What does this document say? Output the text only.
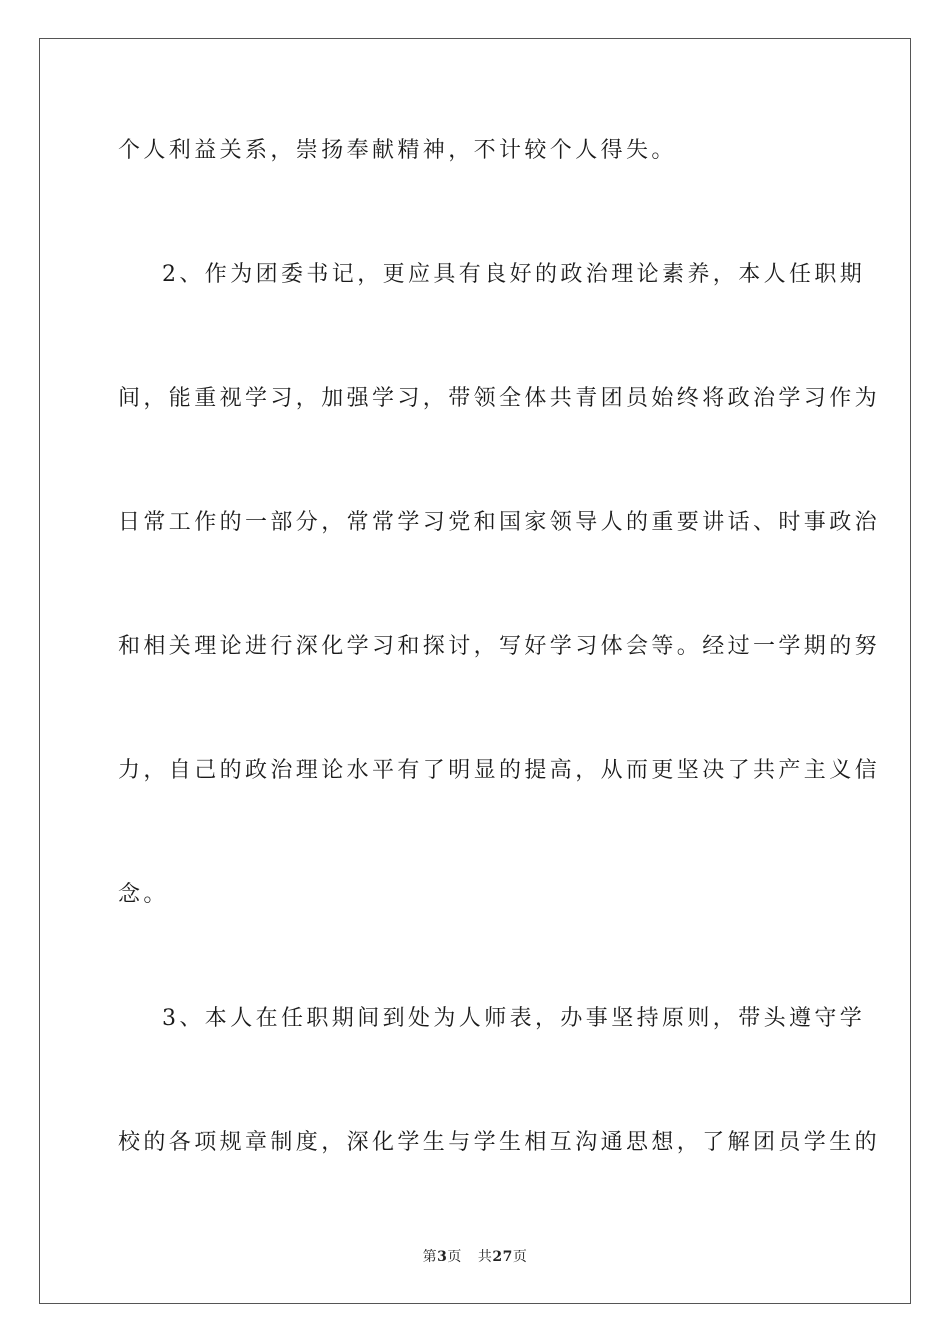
个人利益关系，崇扬奉献精神，不计较个人得失。
2、作为团委书记，更应具有良好的政治理论素养，本人任职期
间，能重视学习，加强学习，带领全体共青团员始终将政治学习作为
日常工作的一部分，常常学习党和国家领导人的重要讲话、时事政治
和相关理论进行深化学习和探讨，写好学习体会等。经过一学期的努
力，自己的政治理论水平有了明显的提高，从而更坚决了共产主义信
念。
3、本人在任职期间到处为人师表，办事坚持原则，带头遵守学
校的各项规章制度，深化学生与学生相互沟通思想，了解团员学生的
第3页 共27页
